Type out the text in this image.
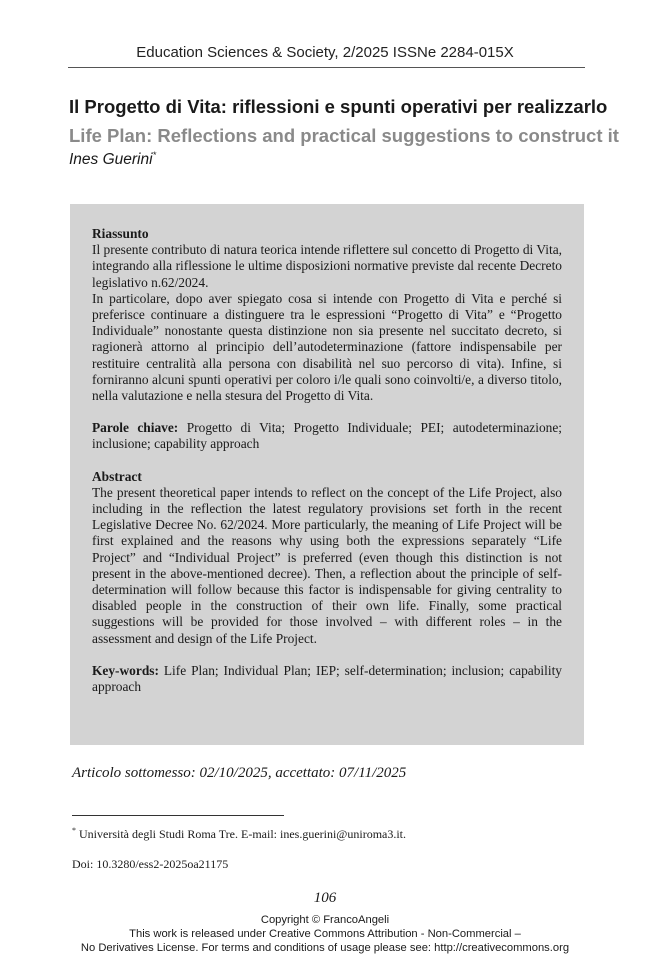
Education Sciences & Society, 2/2025 ISSNe 2284-015X
Il Progetto di Vita: riflessioni e spunti operativi per realizzarlo
Life Plan: Reflections and practical suggestions to construct it
Ines Guerini*

Riassunto

Il presente contributo di natura teorica intende riflettere sul concetto di Progetto di Vita, integrando alla riflessione le ultime disposizioni normative previste dal recente Decreto legislativo n.62/2024.

In particolare, dopo aver spiegato cosa si intende con Progetto di Vita e perché si preferisce continuare a distinguere tra le espressioni “Progetto di Vita” e “Progetto Individuale” nonostante questa distinzione non sia presente nel succitato decreto, si ragionerà attorno al principio dell’autodeterminazione (fattore indispensabile per restituire centralità alla persona con disabilità nel suo percorso di vita). Infine, si forniranno alcuni spunti operativi per coloro i/le quali sono coinvolti/e, a diverso titolo, nella valutazione e nella stesura del Progetto di Vita.

Parole chiave: Progetto di Vita; Progetto Individuale; PEI; autodeterminazione; inclusione; capability approach

Abstract

The present theoretical paper intends to reflect on the concept of the Life Project, also including in the reflection the latest regulatory provisions set forth in the recent Legislative Decree No. 62/2024. More particularly, the meaning of Life Project will be first explained and the reasons why using both the expressions separately “Life Project” and “Individual Project” is preferred (even though this distinction is not present in the above-mentioned decree). Then, a reflection about the principle of self-determination will follow because this factor is indispensable for giving centrality to disabled people in the construction of their own life. Finally, some practical suggestions will be provided for those involved – with different roles – in the assessment and design of the Life Project.

Key-words: Life Plan; Individual Plan; IEP; self-determination; inclusion; capability approach

Articolo sottomesso: 02/10/2025, accettato: 07/11/2025
* Università degli Studi Roma Tre. E-mail: ines.guerini@uniroma3.it.
Doi: 10.3280/ess2-2025oa21175
106
Copyright © FrancoAngeli
This work is released under Creative Commons Attribution - Non-Commercial –
No Derivatives License. For terms and conditions of usage please see: http://creativecommons.org
